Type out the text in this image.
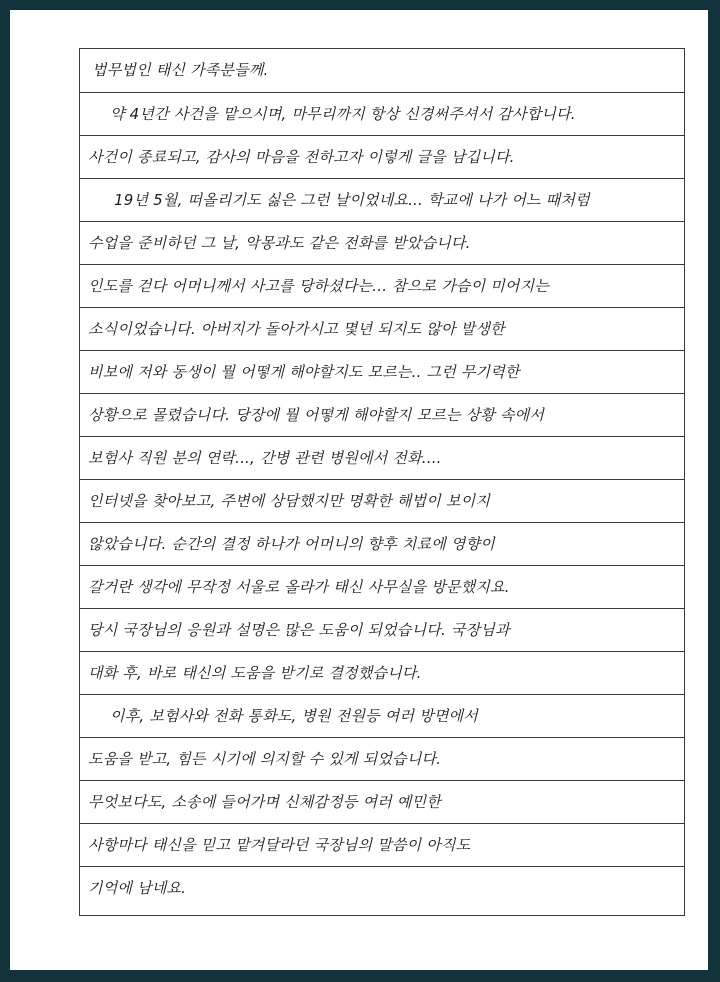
법무법인 태신 가족분들께.
약 4년간 사건을 맡으시며, 마무리까지 항상 신경써주셔서 감사합니다.
사건이 종료되고, 감사의 마음을 전하고자 이렇게 글을 남깁니다.
19년 5월, 떠올리기도 싫은 그런 날이었네요... 학교에 나가 어느 때처럼
수업을 준비하던 그 날, 악몽과도 같은 전화를 받았습니다.
인도를 걷다 어머니께서 사고를 당하셨다는... 참으로 가슴이 미어지는
소식이었습니다. 아버지가 돌아가시고 몇년 되지도 않아 발생한
비보에 저와 동생이 뭘 어떻게 해야할지도 모르는.. 그런 무기력한
상황으로 몰렸습니다. 당장에 뭘 어떻게 해야할지 모르는 상황 속에서
보험사 직원 분의 연락..., 간병 관련 병원에서 전화....
인터넷을 찾아보고, 주변에 상담했지만 명확한 해법이 보이지
않았습니다. 순간의 결정 하나가 어머니의 향후 치료에 영향이
갈거란 생각에 무작정 서울로 올라가 태신 사무실을 방문했지요.
당시 국장님의 응원과 설명은 많은 도움이 되었습니다. 국장님과
대화 후, 바로 태신의 도움을 받기로 결정했습니다.
이후, 보험사와 전화 통화도, 병원 전원등 여러 방면에서
도움을 받고, 힘든 시기에 의지할 수 있게 되었습니다.
무엇보다도, 소송에 들어가며 신체감정등 여러 예민한
사항마다 태신을 믿고 맡겨달라던 국장님의 말씀이 아직도
기억에 남네요.
